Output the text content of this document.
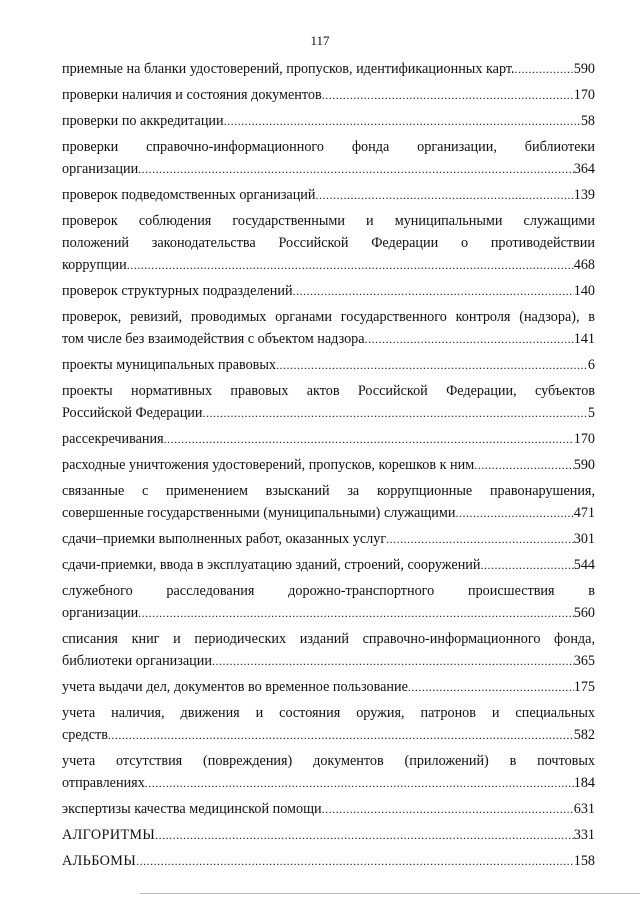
117
приемные на бланки удостоверений, пропусков, идентификационных карт. .....	590
проверки наличия и состояния документов .....	170
проверки по аккредитации .....	58
проверки справочно-информационного фонда организации, библиотеки
организации .....	364
проверок подведомственных организаций .....	139
проверок соблюдения государственными и муниципальными служащими
положений законодательства Российской Федерации о противодействии
коррупции .....	468
проверок структурных подразделений .....	140
проверок, ревизий, проводимых органами государственного контроля (надзора), в
том числе без взаимодействия с объектом надзора .....	141
проекты муниципальных правовых .....	6
проекты нормативных правовых актов Российской Федерации, субъектов
Российской Федерации .....	5
рассекречивания .....	170
расходные уничтожения удостоверений, пропусков, корешков к ним .....	590
связанные с применением взысканий за коррупционные правонарушения,
совершенные государственными (муниципальными) служащими .....	471
сдачи–приемки выполненных работ, оказанных услуг .....	301
сдачи-приемки, ввода в эксплуатацию зданий, строений, сооружений .....	544
служебного расследования дорожно-транспортного происшествия в
организации .....	560
списания книг и периодических изданий справочно-информационного фонда,
библиотеки организации .....	365
учета выдачи дел, документов во временное пользование .....	175
учета наличия, движения и состояния оружия, патронов и специальных
средств .....	582
учета отсутствия (повреждения) документов (приложений) в почтовых
отправлениях .....	184
экспертизы качества медицинской помощи .....	631
АЛГОРИТМЫ .....	331
АЛЬБОМЫ .....	158
